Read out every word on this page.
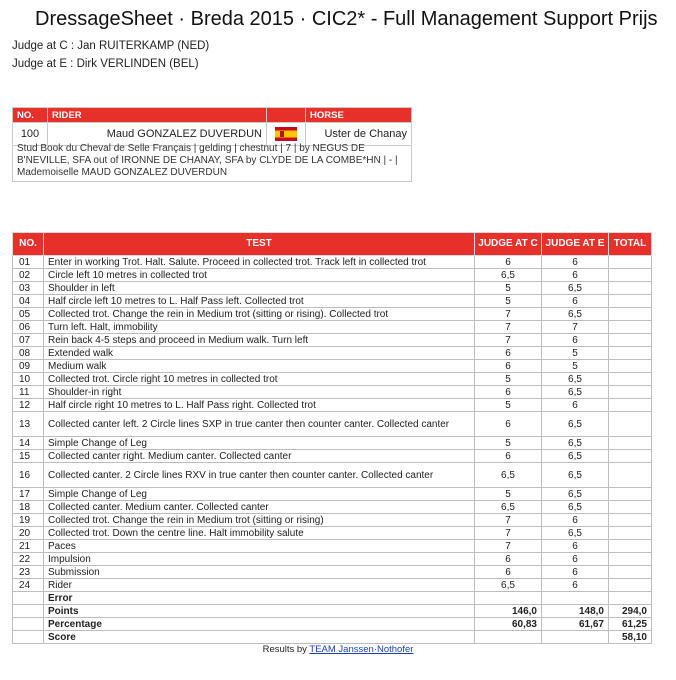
DressageSheet · Breda 2015 · CIC2* - Full Management Support Prijs
Judge at C : Jan RUITERKAMP (NED)
Judge at E : Dirk VERLINDEN (BEL)
NO.	RIDER		HORSE
100	Maud GONZALEZ DUVERDUN		Uster de Chanay
Stud Book du Cheval de Selle Français | gelding | chestnut | 7 | by NEGUS DE B'NEVILLE, SFA out of IRONNE DE CHANAY, SFA by CLYDE DE LA COMBE*HN | - | Mademoiselle MAUD GONZALEZ DUVERDUN
NO.	TEST	JUDGE AT C	JUDGE AT E	TOTAL
01	Enter in working Trot. Halt. Salute. Proceed in collected trot. Track left in collected trot	6	6	
02	Circle left 10 metres in collected trot	6,5	6	
03	Shoulder in left	5	6,5	
04	Half circle left 10 metres to L. Half Pass left. Collected trot	5	6	
05	Collected trot. Change the rein in Medium trot (sitting or rising). Collected trot	7	6,5	
06	Turn left. Halt, immobility	7	7	
07	Rein back 4-5 steps and proceed in Medium walk. Turn left	7	6	
08	Extended walk	6	5	
09	Medium walk	6	5	
10	Collected trot. Circle right 10 metres in collected trot	5	6,5	
11	Shoulder-in right	6	6,5	
12	Half circle right 10 metres to L. Half Pass right. Collected trot	5	6	
13	Collected canter left. 2 Circle lines SXP in true canter then counter canter. Collected canter	6	6,5	
14	Simple Change of Leg	5	6,5	
15	Collected canter right. Medium canter. Collected canter	6	6,5	
16	Collected canter. 2 Circle lines RXV in true canter then counter canter. Collected canter	6,5	6,5	
17	Simple Change of Leg	5	6,5	
18	Collected canter. Medium canter. Collected canter	6,5	6,5	
19	Collected trot. Change the rein in Medium trot (sitting or rising)	7	6	
20	Collected trot. Down the centre line. Halt immobility salute	7	6,5	
21	Paces	7	6	
22	Impulsion	6	6	
23	Submission	6	6	
24	Rider	6,5	6	
	Error			
	Points	146,0	148,0	294,0
	Percentage	60,83	61,67	61,25
	Score			58,10
Results by TEAM Janssen·Nothofer
